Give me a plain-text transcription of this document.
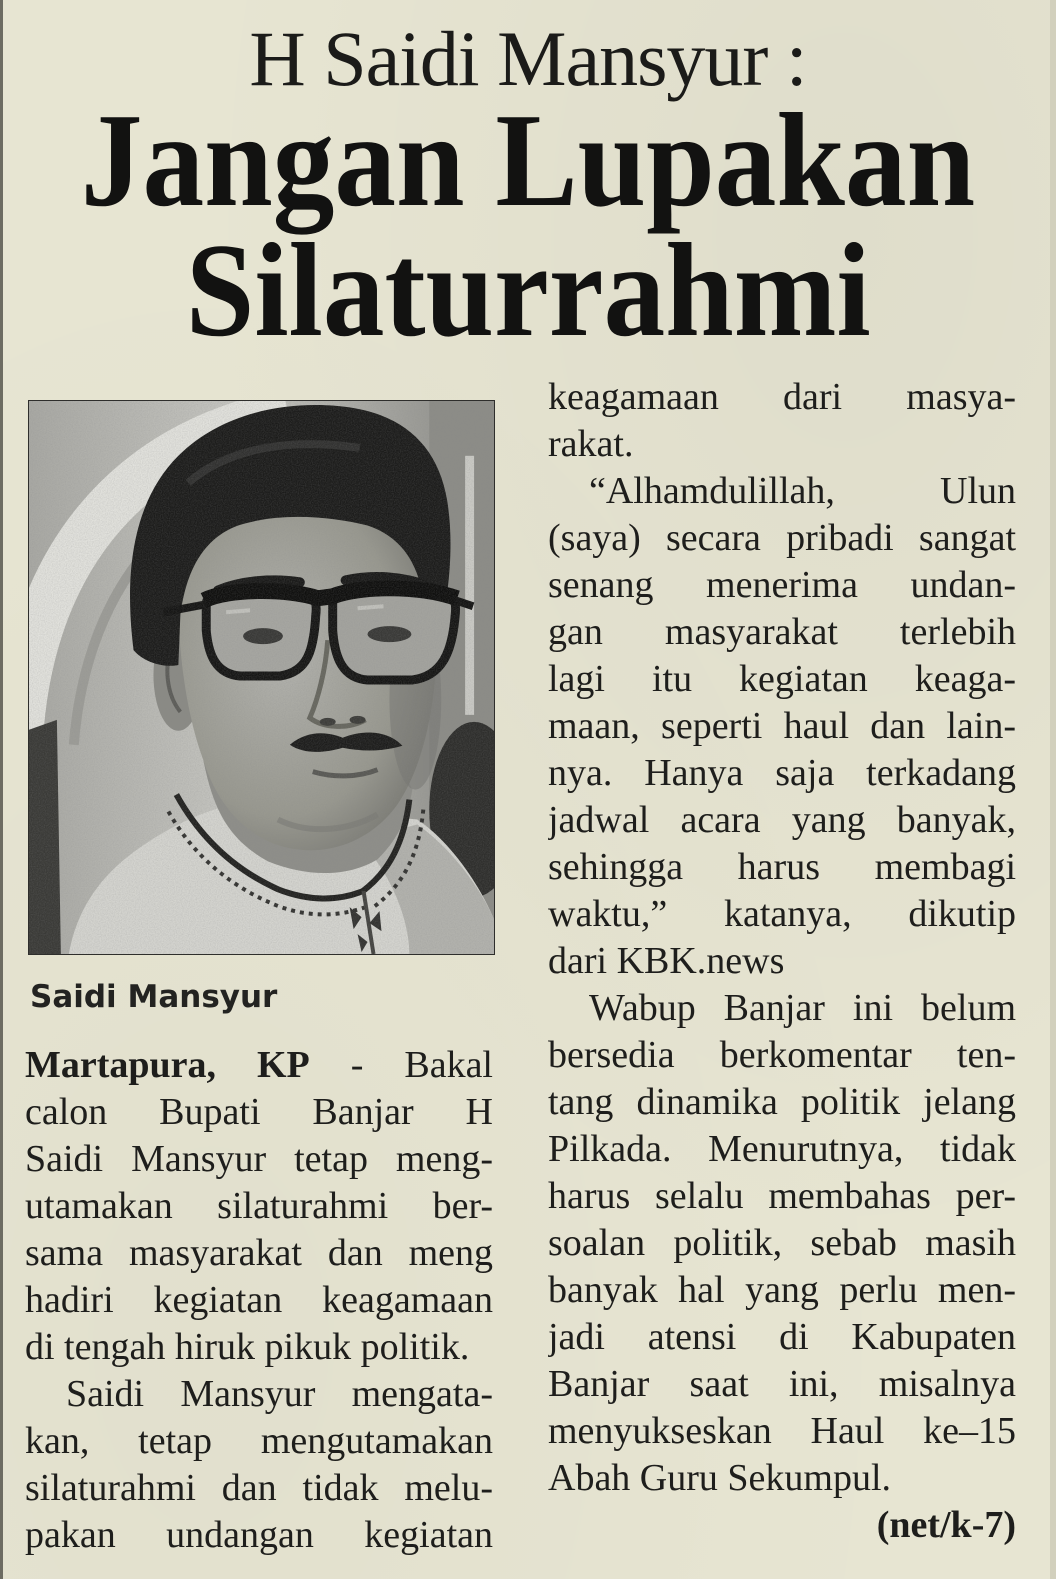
H Saidi Mansyur :
Jangan Lupakan
Silaturrahmi
Saidi Mansyur
Martapura, KP - Bakal
calon Bupati Banjar H
Saidi Mansyur tetap meng-
utamakan silaturahmi ber-
sama masyarakat dan meng
hadiri kegiatan keagamaan
di tengah hiruk pikuk politik.
Saidi Mansyur mengata-
kan, tetap mengutamakan
silaturahmi dan tidak melu-
pakan undangan kegiatan
keagamaan dari masya-
rakat.
“Alhamdulillah, Ulun
(saya) secara pribadi sangat
senang menerima undan-
gan masyarakat terlebih
lagi itu kegiatan keaga-
maan, seperti haul dan lain-
nya. Hanya saja terkadang
jadwal acara yang banyak,
sehingga harus membagi
waktu,” katanya, dikutip
dari KBK.news
Wabup Banjar ini belum
bersedia berkomentar ten-
tang dinamika politik jelang
Pilkada. Menurutnya, tidak
harus selalu membahas per-
soalan politik, sebab masih
banyak hal yang perlu men-
jadi atensi di Kabupaten
Banjar saat ini, misalnya
menyukseskan Haul ke–15
Abah Guru Sekumpul.
(net/k-7)
